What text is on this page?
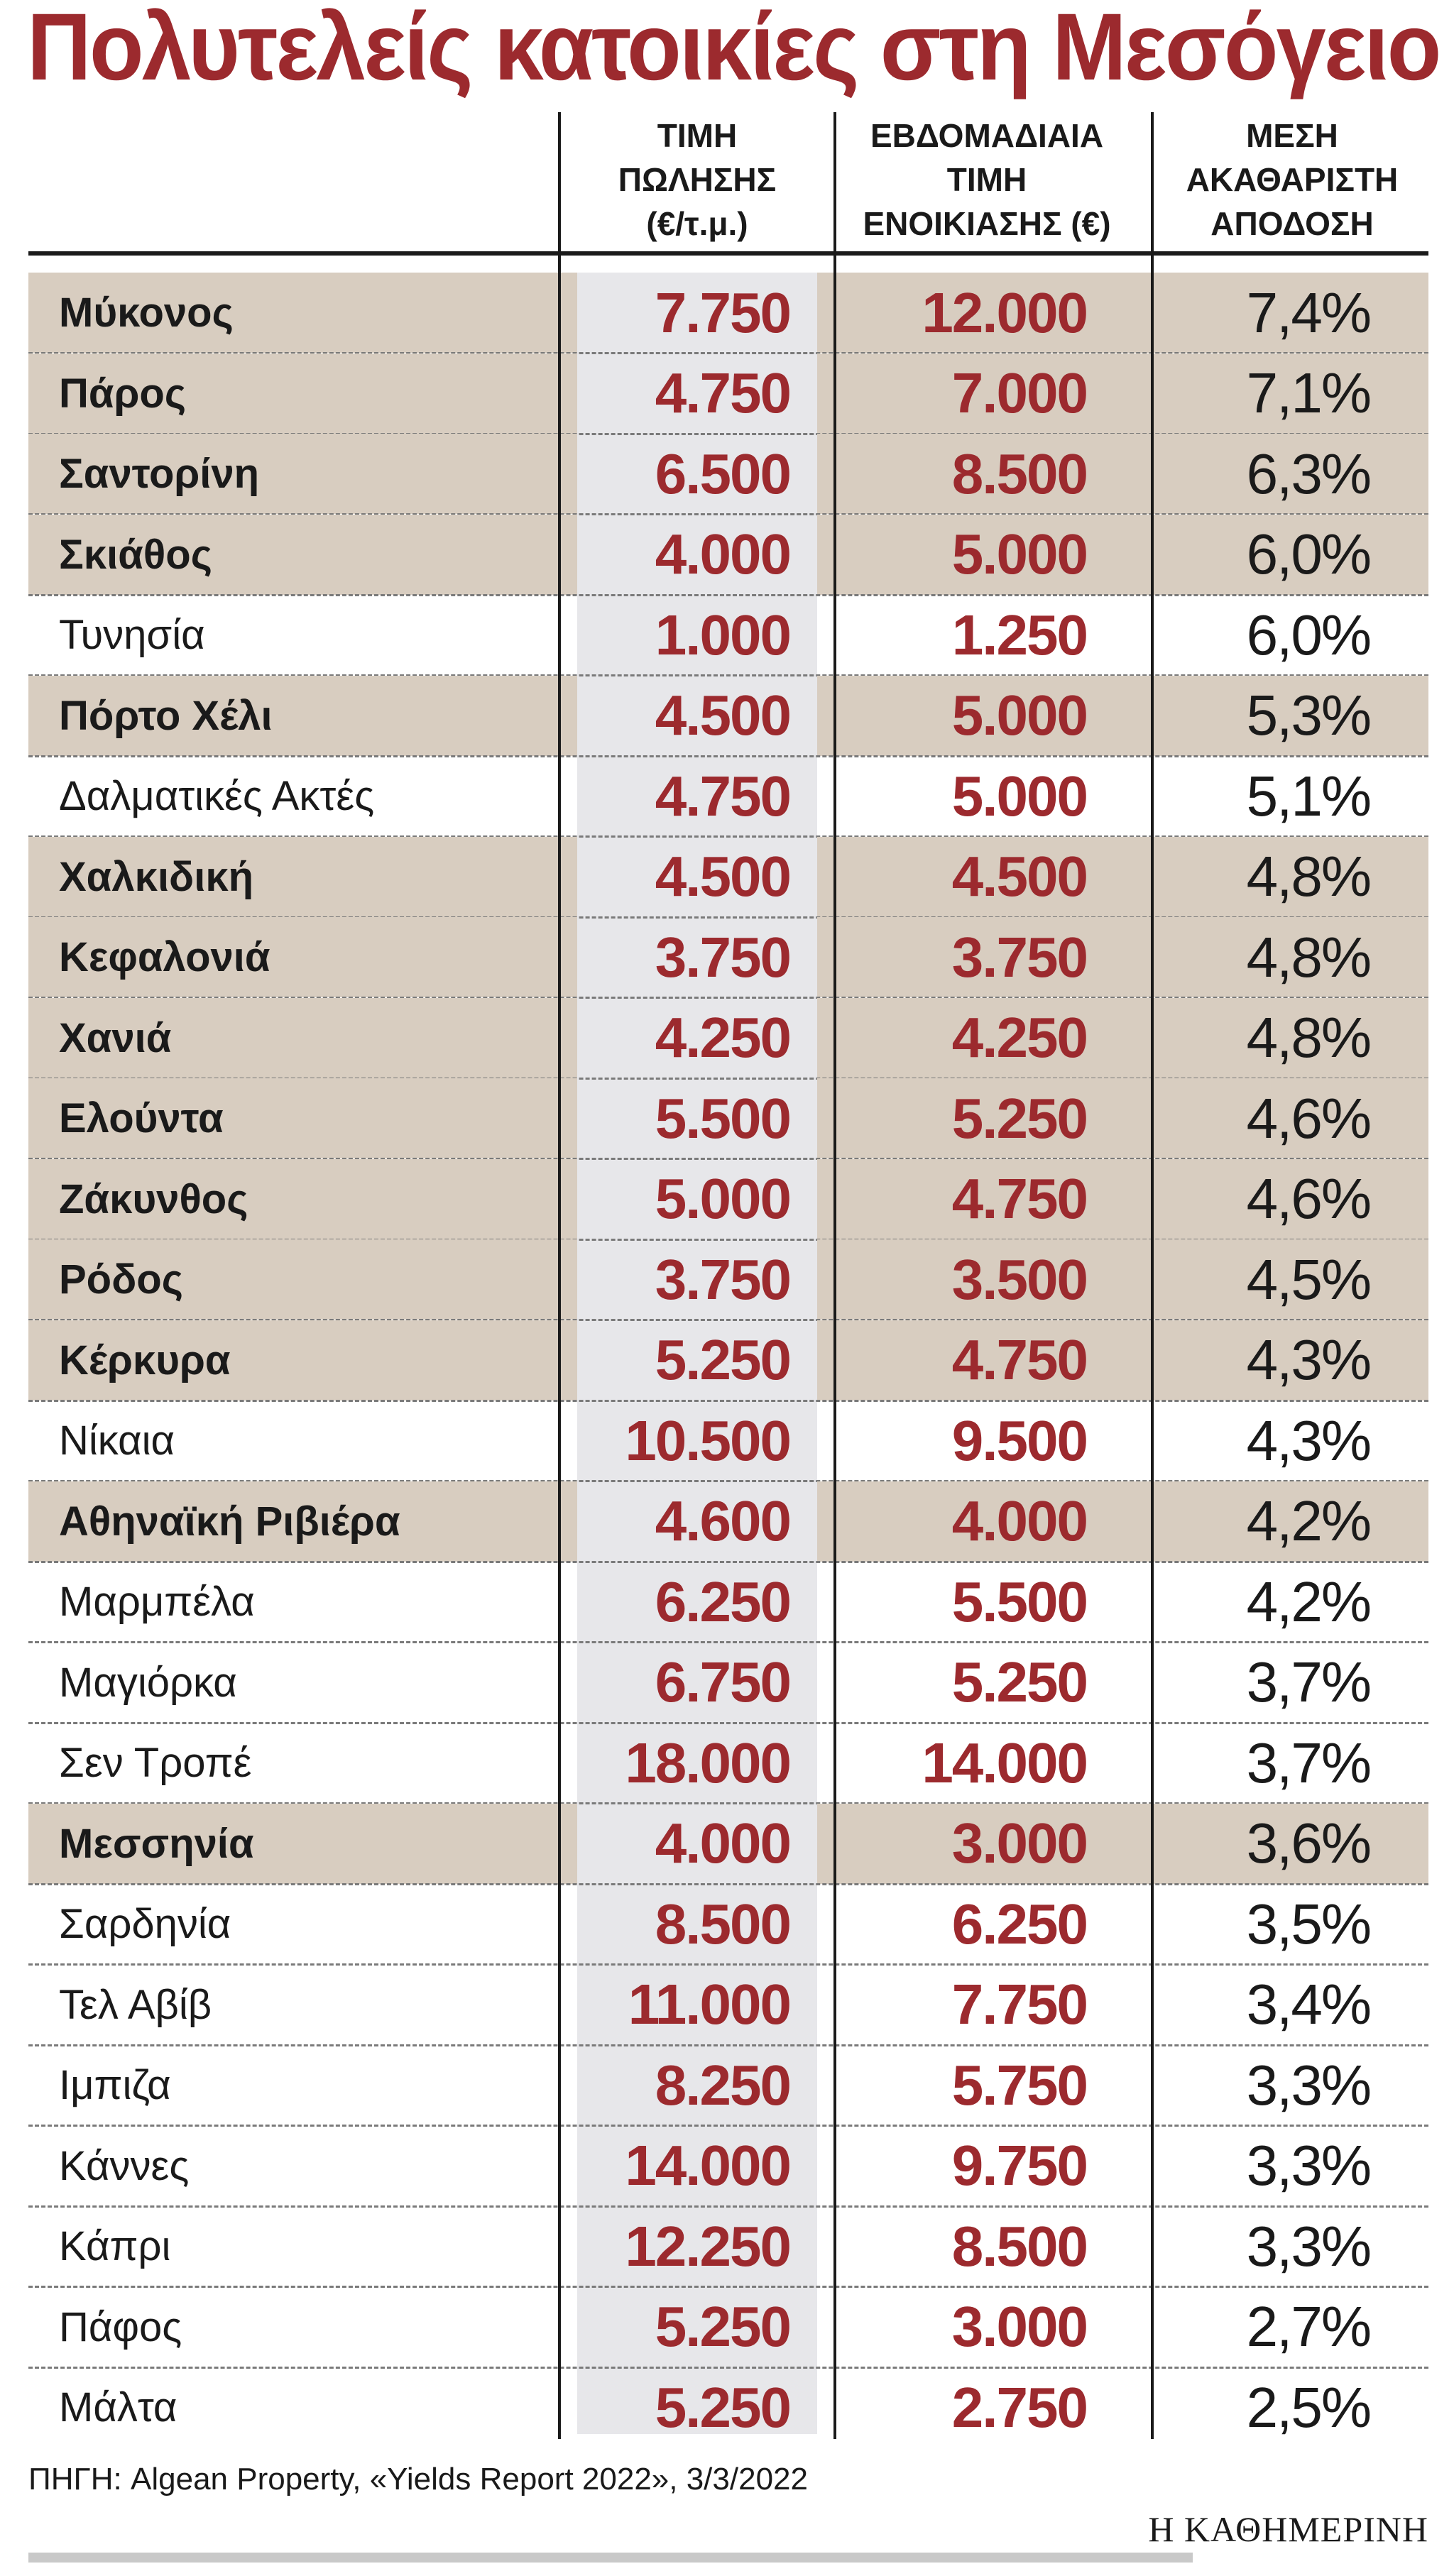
Πολυτελείς κατοικίες στη Μεσόγειο
ΤΙΜΗ
ΠΩΛΗΣΗΣ
(€/τ.μ.)
ΕΒΔΟΜΑΔΙΑΙΑ
ΤΙΜΗ
ΕΝΟΙΚΙΑΣΗΣ (€)
ΜΕΣΗ
ΑΚΑΘΑΡΙΣΤΗ
ΑΠΟΔΟΣΗ
Μύκονος	7.750	12.000	7,4%
Πάρος	4.750	7.000	7,1%
Σαντορίνη	6.500	8.500	6,3%
Σκιάθος	4.000	5.000	6,0%
Τυνησία	1.000	1.250	6,0%
Πόρτο Χέλι	4.500	5.000	5,3%
Δαλματικές Ακτές	4.750	5.000	5,1%
Χαλκιδική	4.500	4.500	4,8%
Κεφαλονιά	3.750	3.750	4,8%
Χανιά	4.250	4.250	4,8%
Ελούντα	5.500	5.250	4,6%
Ζάκυνθος	5.000	4.750	4,6%
Ρόδος	3.750	3.500	4,5%
Κέρκυρα	5.250	4.750	4,3%
Νίκαια	10.500	9.500	4,3%
Αθηναϊκή Ριβιέρα	4.600	4.000	4,2%
Μαρμπέλα	6.250	5.500	4,2%
Μαγιόρκα	6.750	5.250	3,7%
Σεν Τροπέ	18.000	14.000	3,7%
Μεσσηνία	4.000	3.000	3,6%
Σαρδηνία	8.500	6.250	3,5%
Τελ Αβίβ	11.000	7.750	3,4%
Ιμπιζα	8.250	5.750	3,3%
Κάννες	14.000	9.750	3,3%
Κάπρι	12.250	8.500	3,3%
Πάφος	5.250	3.000	2,7%
Μάλτα	5.250	2.750	2,5%
ΠΗΓΗ: Algean Property, «Yields Report 2022», 3/3/2022
Η ΚΑΘΗΜΕΡΙΝΗ
